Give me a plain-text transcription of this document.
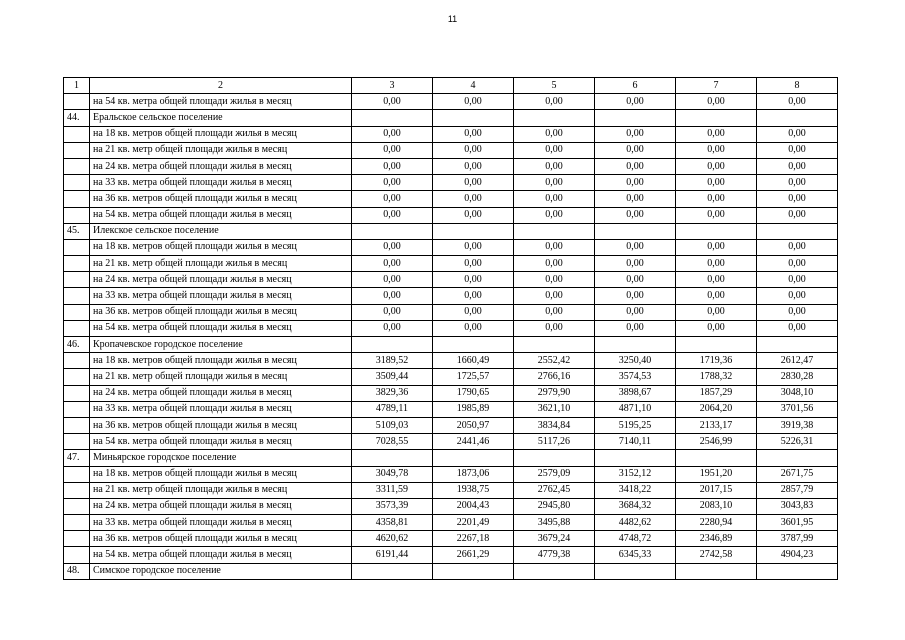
11
1	2	3	4	5	6	7	8
	на 54 кв. метра общей площади жилья в месяц	0,00	0,00	0,00	0,00	0,00	0,00
44.	Еральское сельское поселение						
	на 18 кв. метров общей площади жилья в месяц	0,00	0,00	0,00	0,00	0,00	0,00
	на 21 кв. метр общей площади жилья в месяц	0,00	0,00	0,00	0,00	0,00	0,00
	на 24 кв. метра общей площади жилья в месяц	0,00	0,00	0,00	0,00	0,00	0,00
	на 33 кв. метра общей площади жилья в месяц	0,00	0,00	0,00	0,00	0,00	0,00
	на 36 кв. метров общей площади жилья в месяц	0,00	0,00	0,00	0,00	0,00	0,00
	на 54 кв. метра общей площади жилья в месяц	0,00	0,00	0,00	0,00	0,00	0,00
45.	Илекское сельское поселение						
	на 18 кв. метров общей площади жилья в месяц	0,00	0,00	0,00	0,00	0,00	0,00
	на 21 кв. метр общей площади жилья в месяц	0,00	0,00	0,00	0,00	0,00	0,00
	на 24 кв. метра общей площади жилья в месяц	0,00	0,00	0,00	0,00	0,00	0,00
	на 33 кв. метра общей площади жилья в месяц	0,00	0,00	0,00	0,00	0,00	0,00
	на 36 кв. метров общей площади жилья в месяц	0,00	0,00	0,00	0,00	0,00	0,00
	на 54 кв. метра общей площади жилья в месяц	0,00	0,00	0,00	0,00	0,00	0,00
46.	Кропачевское городское поселение						
	на 18 кв. метров общей площади жилья в месяц	3189,52	1660,49	2552,42	3250,40	1719,36	2612,47
	на 21 кв. метр общей площади жилья в месяц	3509,44	1725,57	2766,16	3574,53	1788,32	2830,28
	на 24 кв. метра общей площади жилья в месяц	3829,36	1790,65	2979,90	3898,67	1857,29	3048,10
	на 33 кв. метра общей площади жилья в месяц	4789,11	1985,89	3621,10	4871,10	2064,20	3701,56
	на 36 кв. метров общей площади жилья в месяц	5109,03	2050,97	3834,84	5195,25	2133,17	3919,38
	на 54 кв. метра общей площади жилья в месяц	7028,55	2441,46	5117,26	7140,11	2546,99	5226,31
47.	Миньярское городское поселение						
	на 18 кв. метров общей площади жилья в месяц	3049,78	1873,06	2579,09	3152,12	1951,20	2671,75
	на 21 кв. метр общей площади жилья в месяц	3311,59	1938,75	2762,45	3418,22	2017,15	2857,79
	на 24 кв. метра общей площади жилья в месяц	3573,39	2004,43	2945,80	3684,32	2083,10	3043,83
	на 33 кв. метра общей площади жилья в месяц	4358,81	2201,49	3495,88	4482,62	2280,94	3601,95
	на 36 кв. метров общей площади жилья в месяц	4620,62	2267,18	3679,24	4748,72	2346,89	3787,99
	на 54 кв. метра общей площади жилья в месяц	6191,44	2661,29	4779,38	6345,33	2742,58	4904,23
48.	Симское городское поселение						
